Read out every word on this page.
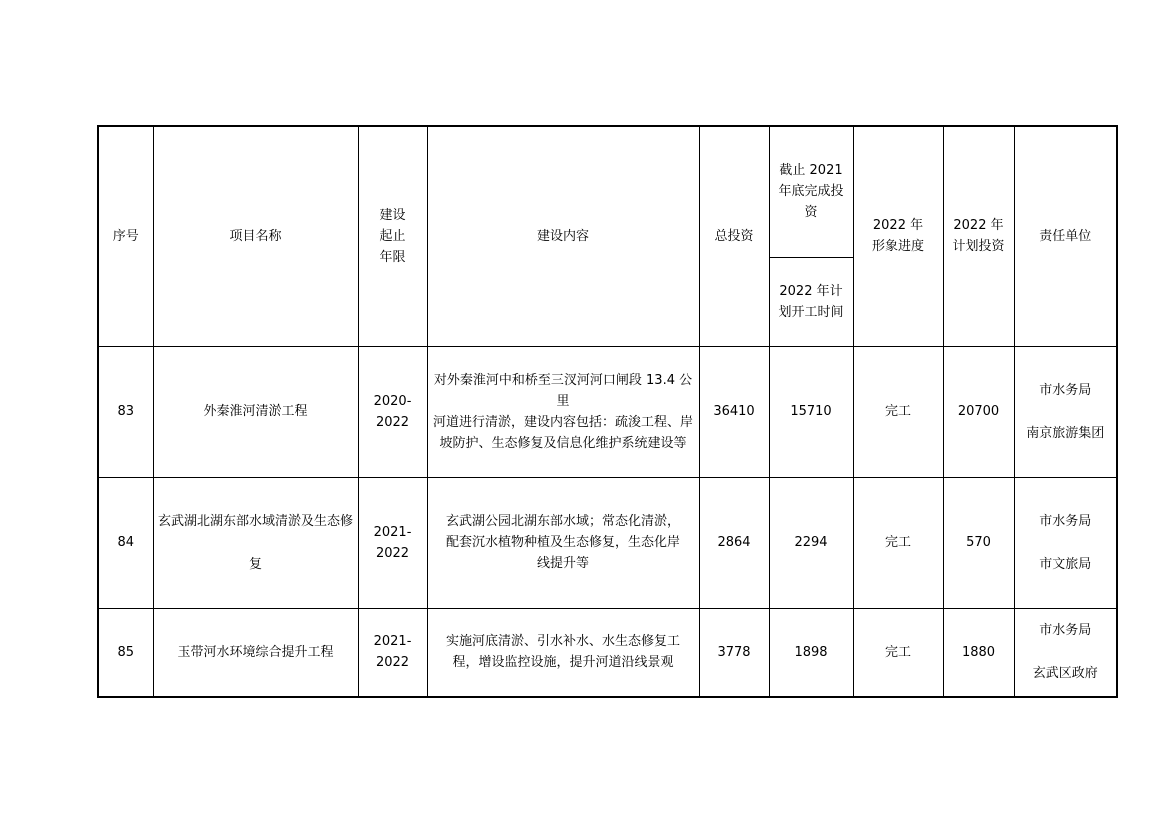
序号	项目名称	建设
起止
年限	建设内容	总投资	截止 2021
年底完成投
资	2022 年
形象进度	2022 年
计划投资	责任单位

					2022 年计
划开工时间			

83	外秦淮河清淤工程	2020-2022	对外秦淮河中和桥至三汊河河口闸段 13.4 公里
河道进行清淤，建设内容包括：疏浚工程、岸
坡防护、生态修复及信息化维护系统建设等	36410	15710	完工	20700	市水务局
南京旅游集团

84	玄武湖北湖东部水域清淤及生态修复	2021-2022	玄武湖公园北湖东部水域；常态化清淤，
配套沉水植物种植及生态修复，生态化岸
线提升等	2864	2294	完工	570	市水务局
市文旅局

85	玉带河水环境综合提升工程	2021-2022	实施河底清淤、引水补水、水生态修复工
程，增设监控设施，提升河道沿线景观	3778	1898	完工	1880	市水务局
玄武区政府
